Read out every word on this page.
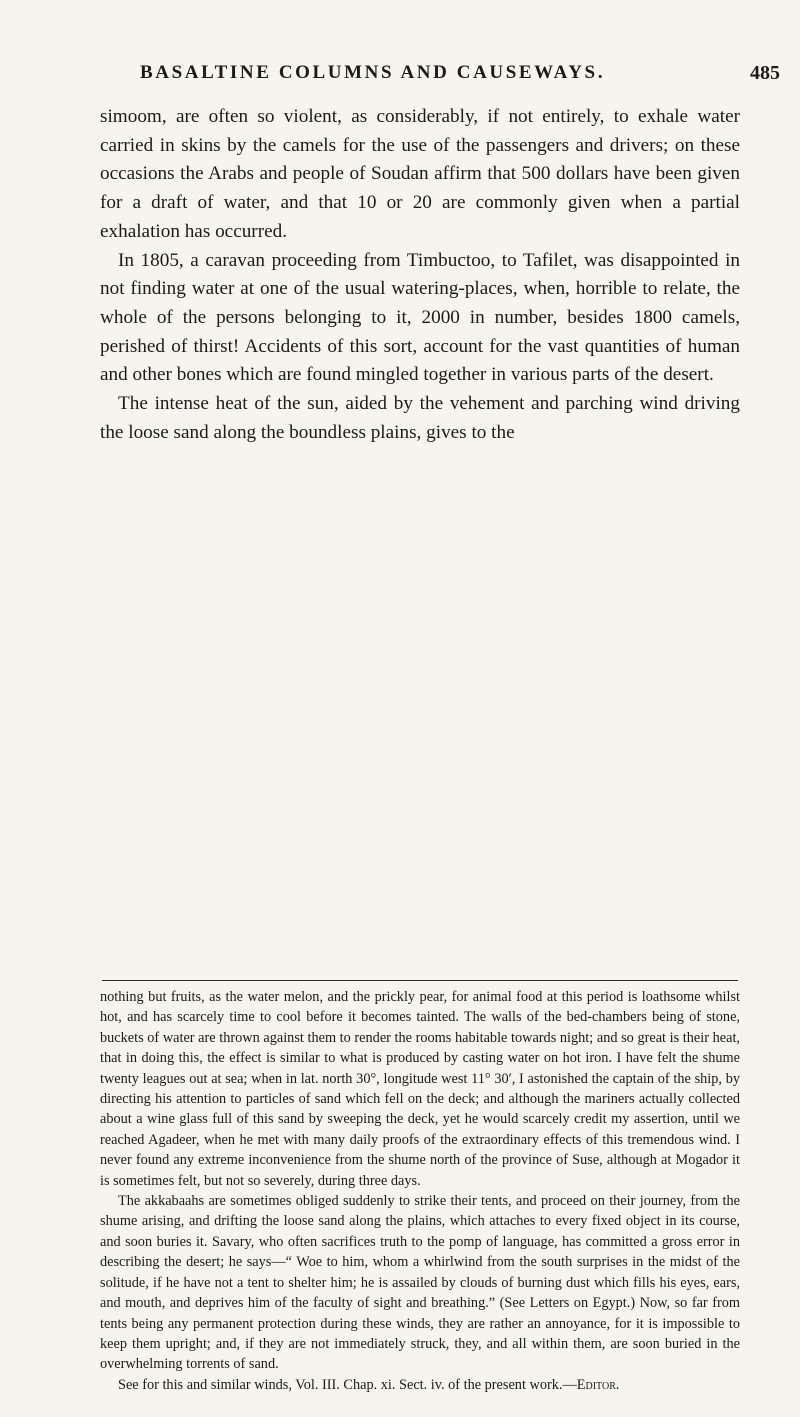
BASALTINE COLUMNS AND CAUSEWAYS.	485

simoom, are often so violent, as considerably, if not entirely, to exhale water carried in skins by the camels for the use of the passengers and drivers; on these occasions the Arabs and people of Soudan affirm that 500 dollars have been given for a draft of water, and that 10 or 20 are commonly given when a partial exhalation has occurred.

In 1805, a caravan proceeding from Timbuctoo, to Tafilet, was disappointed in not finding water at one of the usual watering-places, when, horrible to relate, the whole of the persons belonging to it, 2000 in number, besides 1800 camels, perished of thirst! Accidents of this sort, account for the vast quantities of human and other bones which are found mingled together in various parts of the desert.

The intense heat of the sun, aided by the vehement and parching wind driving the loose sand along the boundless plains, gives to the

nothing but fruits, as the water melon, and the prickly pear, for animal food at this period is loathsome whilst hot, and has scarcely time to cool before it becomes tainted. The walls of the bed-chambers being of stone, buckets of water are thrown against them to render the rooms habitable towards night; and so great is their heat, that in doing this, the effect is similar to what is produced by casting water on hot iron. I have felt the shume twenty leagues out at sea; when in lat. north 30°, longitude west 11° 30′, I astonished the captain of the ship, by directing his attention to particles of sand which fell on the deck; and although the mariners actually collected about a wine glass full of this sand by sweeping the deck, yet he would scarcely credit my assertion, until we reached Agadeer, when he met with many daily proofs of the extraordinary effects of this tremendous wind. I never found any extreme inconvenience from the shume north of the province of Suse, although at Mogador it is sometimes felt, but not so severely, during three days.

The akkabaahs are sometimes obliged suddenly to strike their tents, and proceed on their journey, from the shume arising, and drifting the loose sand along the plains, which attaches to every fixed object in its course, and soon buries it. Savary, who often sacrifices truth to the pomp of language, has committed a gross error in describing the desert; he says—“ Woe to him, whom a whirlwind from the south surprises in the midst of the solitude, if he have not a tent to shelter him; he is assailed by clouds of burning dust which fills his eyes, ears, and mouth, and deprives him of the faculty of sight and breathing.” (See Letters on Egypt.) Now, so far from tents being any permanent protection during these winds, they are rather an annoyance, for it is impossible to keep them upright; and, if they are not immediately struck, they, and all within them, are soon buried in the overwhelming torrents of sand.

See for this and similar winds, Vol. III. Chap. xi. Sect. iv. of the present work.—Editor.
